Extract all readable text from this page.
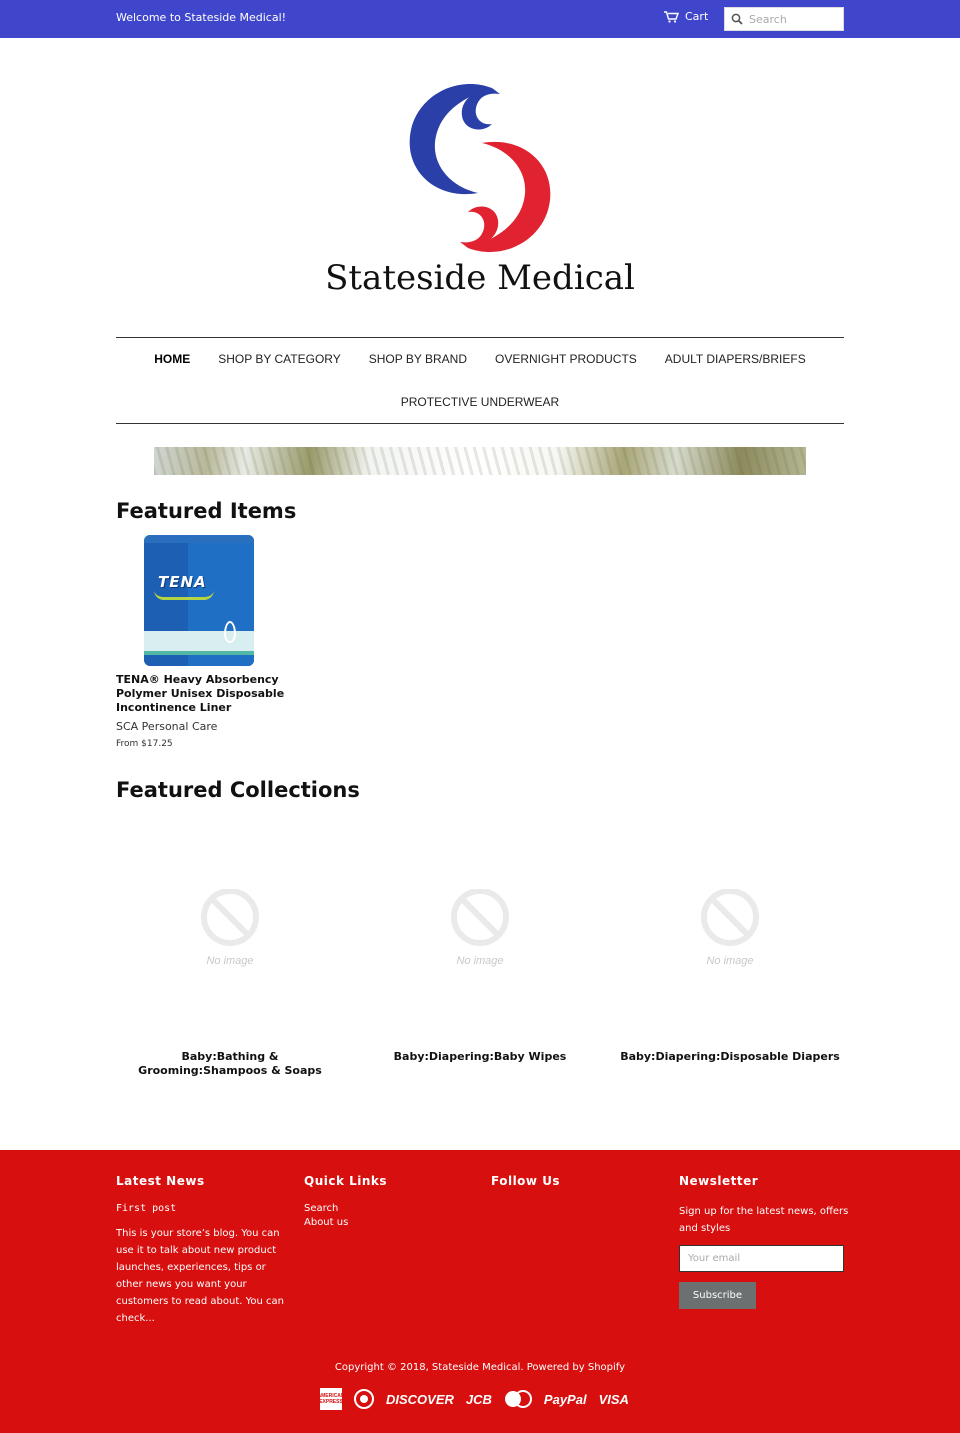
Welcome to Stateside Medical!	Cart
Search
Stateside Medical
HOME	SHOP BY CATEGORY	SHOP BY BRAND	OVERNIGHT PRODUCTS	ADULT DIAPERS/BRIEFS
PROTECTIVE UNDERWEAR
Featured Items
TENA
TENA® Heavy Absorbency Polymer Unisex Disposable Incontinence Liner
SCA Personal Care
From $17.25
Featured Collections
No image
Baby:Bathing & Grooming:Shampoos & Soaps
No image
Baby:Diapering:Baby Wipes
No image
Baby:Diapering:Disposable Diapers
Latest News
First post
This is your store’s blog. You can use it to talk about new product launches, experiences, tips or other news you want your customers to read about. You can check...
Quick Links
Search
About us
Follow Us	Newsletter
Sign up for the latest news, offers and styles
Your email
Subscribe
Copyright © 2018, Stateside Medical. Powered by Shopify
AMERICAN EXPRESS	DISCOVER JCB	PayPal VISA
